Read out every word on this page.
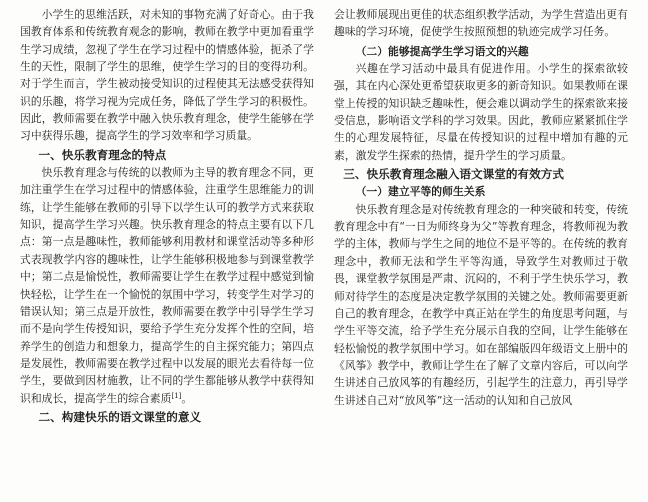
小学生的思维活跃，对未知的事物充满了好奇心。由于我国教育体系和传统教育观念的影响，教师在教学中更加看重学生学习成绩，忽视了学生在学习过程中的情感体验，扼杀了学生的天性，限制了学生的思维，使学生学习的目的变得功利。对于学生而言，学生被动接受知识的过程使其无法感受获得知识的乐趣，将学习视为完成任务，降低了学生学习的积极性。因此，教师需要在教学中融入快乐教育理念，使学生能够在学习中获得乐趣，提高学生的学习效率和学习质量。

一、快乐教育理念的特点

快乐教育理念与传统的以教师为主导的教育理念不同，更加注重学生在学习过程中的情感体验，注重学生思维能力的训练，让学生能够在教师的引导下以学生认可的教学方式来获取知识，提高学生学习兴趣。快乐教育理念的特点主要有以下几点：第一点是趣味性，教师能够利用教材和课堂活动等多种形式表现教学内容的趣味性，让学生能够积极地参与到课堂教学中；第二点是愉悦性，教师需要让学生在教学过程中感觉到愉快轻松，让学生在一个愉悦的氛围中学习，转变学生对学习的错误认知；第三点是开放性，教师需要在教学中引导学生学习而不是向学生传授知识，要给予学生充分发挥个性的空间，培养学生的创造力和想象力，提高学生的自主探究能力；第四点是发展性，教师需要在教学过程中以发展的眼光去看待每一位学生，要做到因材施教，让不同的学生都能够从教学中获得知识和成长，提高学生的综合素质[1]。

二、构建快乐的语文课堂的意义

会让教师展现出更佳的状态组织教学活动，为学生营造出更有趣味的学习环境，促使学生按照预想的轨迹完成学习任务。

（二）能够提高学生学习语文的兴趣

兴趣在学习活动中最具有促进作用。小学生的探索欲较强，其在内心深处更希望获取更多的新奇知识。如果教师在课堂上传授的知识缺乏趣味性，便会难以调动学生的探索欲来接受信息，影响语文学科的学习效果。因此，教师应紧紧抓住学生的心理发展特征，尽量在传授知识的过程中增加有趣的元素，激发学生探索的热情，提升学生的学习质量。

三、快乐教育理念融入语文课堂的有效方式
（一）建立平等的师生关系

快乐教育理念是对传统教育理念的一种突破和转变，传统教育理念中有“一日为师终身为父”等教育理念，将教师视为教学的主体，教师与学生之间的地位不是平等的。在传统的教育理念中，教师无法和学生平等沟通，导致学生对教师过于敬畏，课堂教学氛围是严肃、沉闷的，不利于学生快乐学习，教师对待学生的态度是决定教学氛围的关键之处。教师需要更新自己的教育理念，在教学中真正站在学生的角度思考问题，与学生平等交流，给予学生充分展示自我的空间，让学生能够在轻松愉悦的教学氛围中学习。如在部编版四年级语文上册中的《风筝》教学中，教师让学生在了解了文章内容后，可以向学生讲述自己放风筝的有趣经历，引起学生的注意力，再引导学生讲述自己对“放风筝”这一活动的认知和自己放风
